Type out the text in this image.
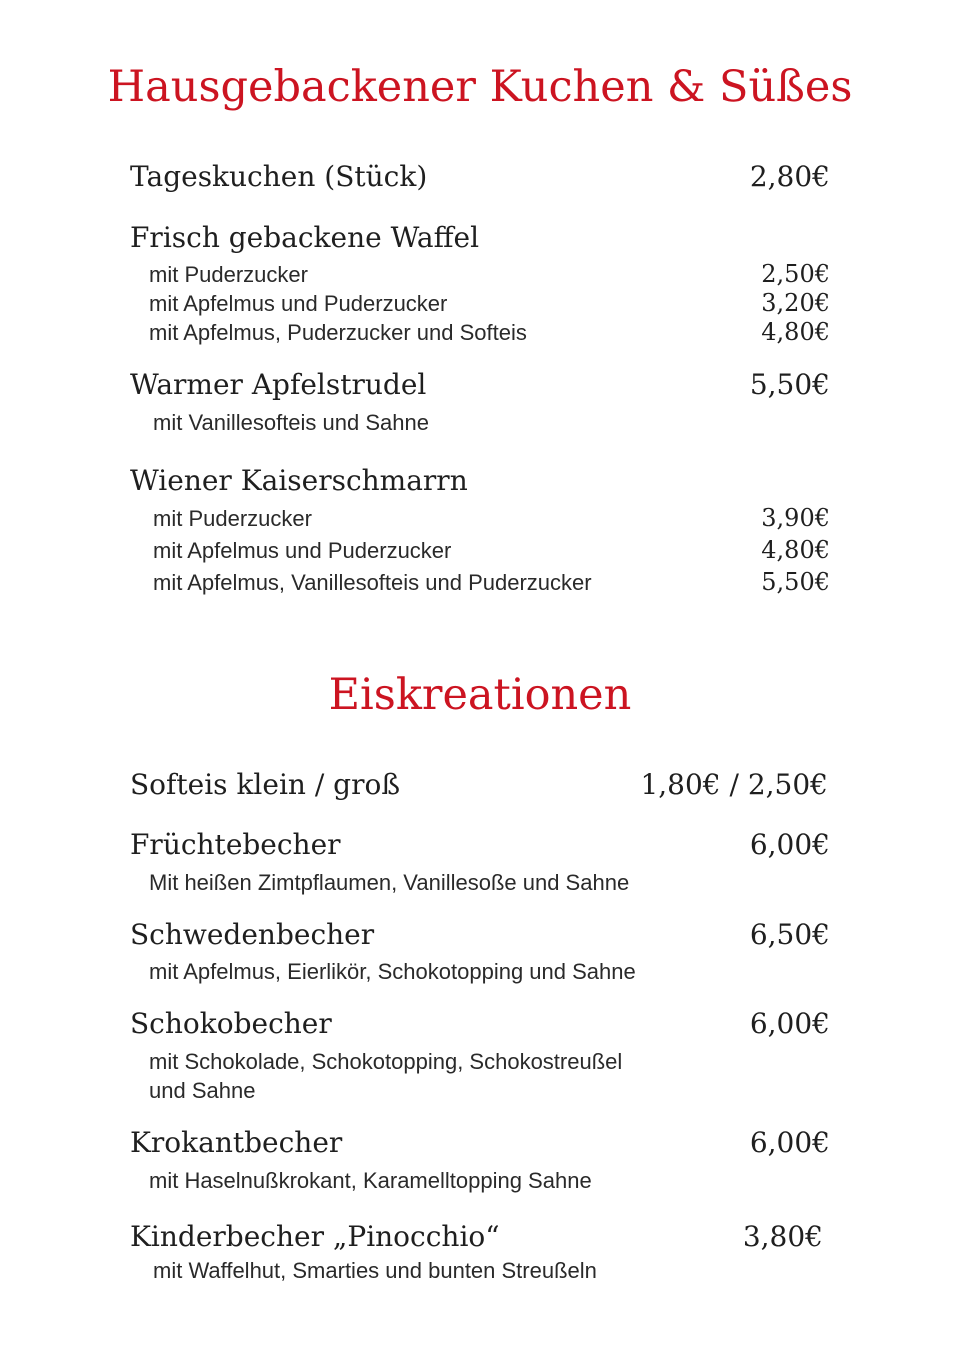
Hausgebackener Kuchen & Süßes
Tageskuchen (Stück)	2,80€
Frisch gebackene Waffel
mit Puderzucker	2,50€
mit Apfelmus und Puderzucker	3,20€
mit Apfelmus, Puderzucker und Softeis	4,80€
Warmer Apfelstrudel	5,50€
mit Vanillesofteis und Sahne
Wiener Kaiserschmarrn
mit Puderzucker	3,90€
mit Apfelmus und Puderzucker	4,80€
mit Apfelmus, Vanillesofteis und Puderzucker	5,50€
Eiskreationen
Softeis klein / groß	1,80€ / 2,50€
Früchtebecher	6,00€
Mit heißen Zimtpflaumen, Vanillesoße und Sahne
Schwedenbecher	6,50€
mit Apfelmus, Eierlikör, Schokotopping und Sahne
Schokobecher	6,00€
mit Schokolade, Schokotopping, Schokostreußel
und Sahne
Krokantbecher	6,00€
mit Haselnußkrokant, Karamelltopping Sahne
Kinderbecher „Pinocchio“	3,80€
mit Waffelhut, Smarties und bunten Streußeln
